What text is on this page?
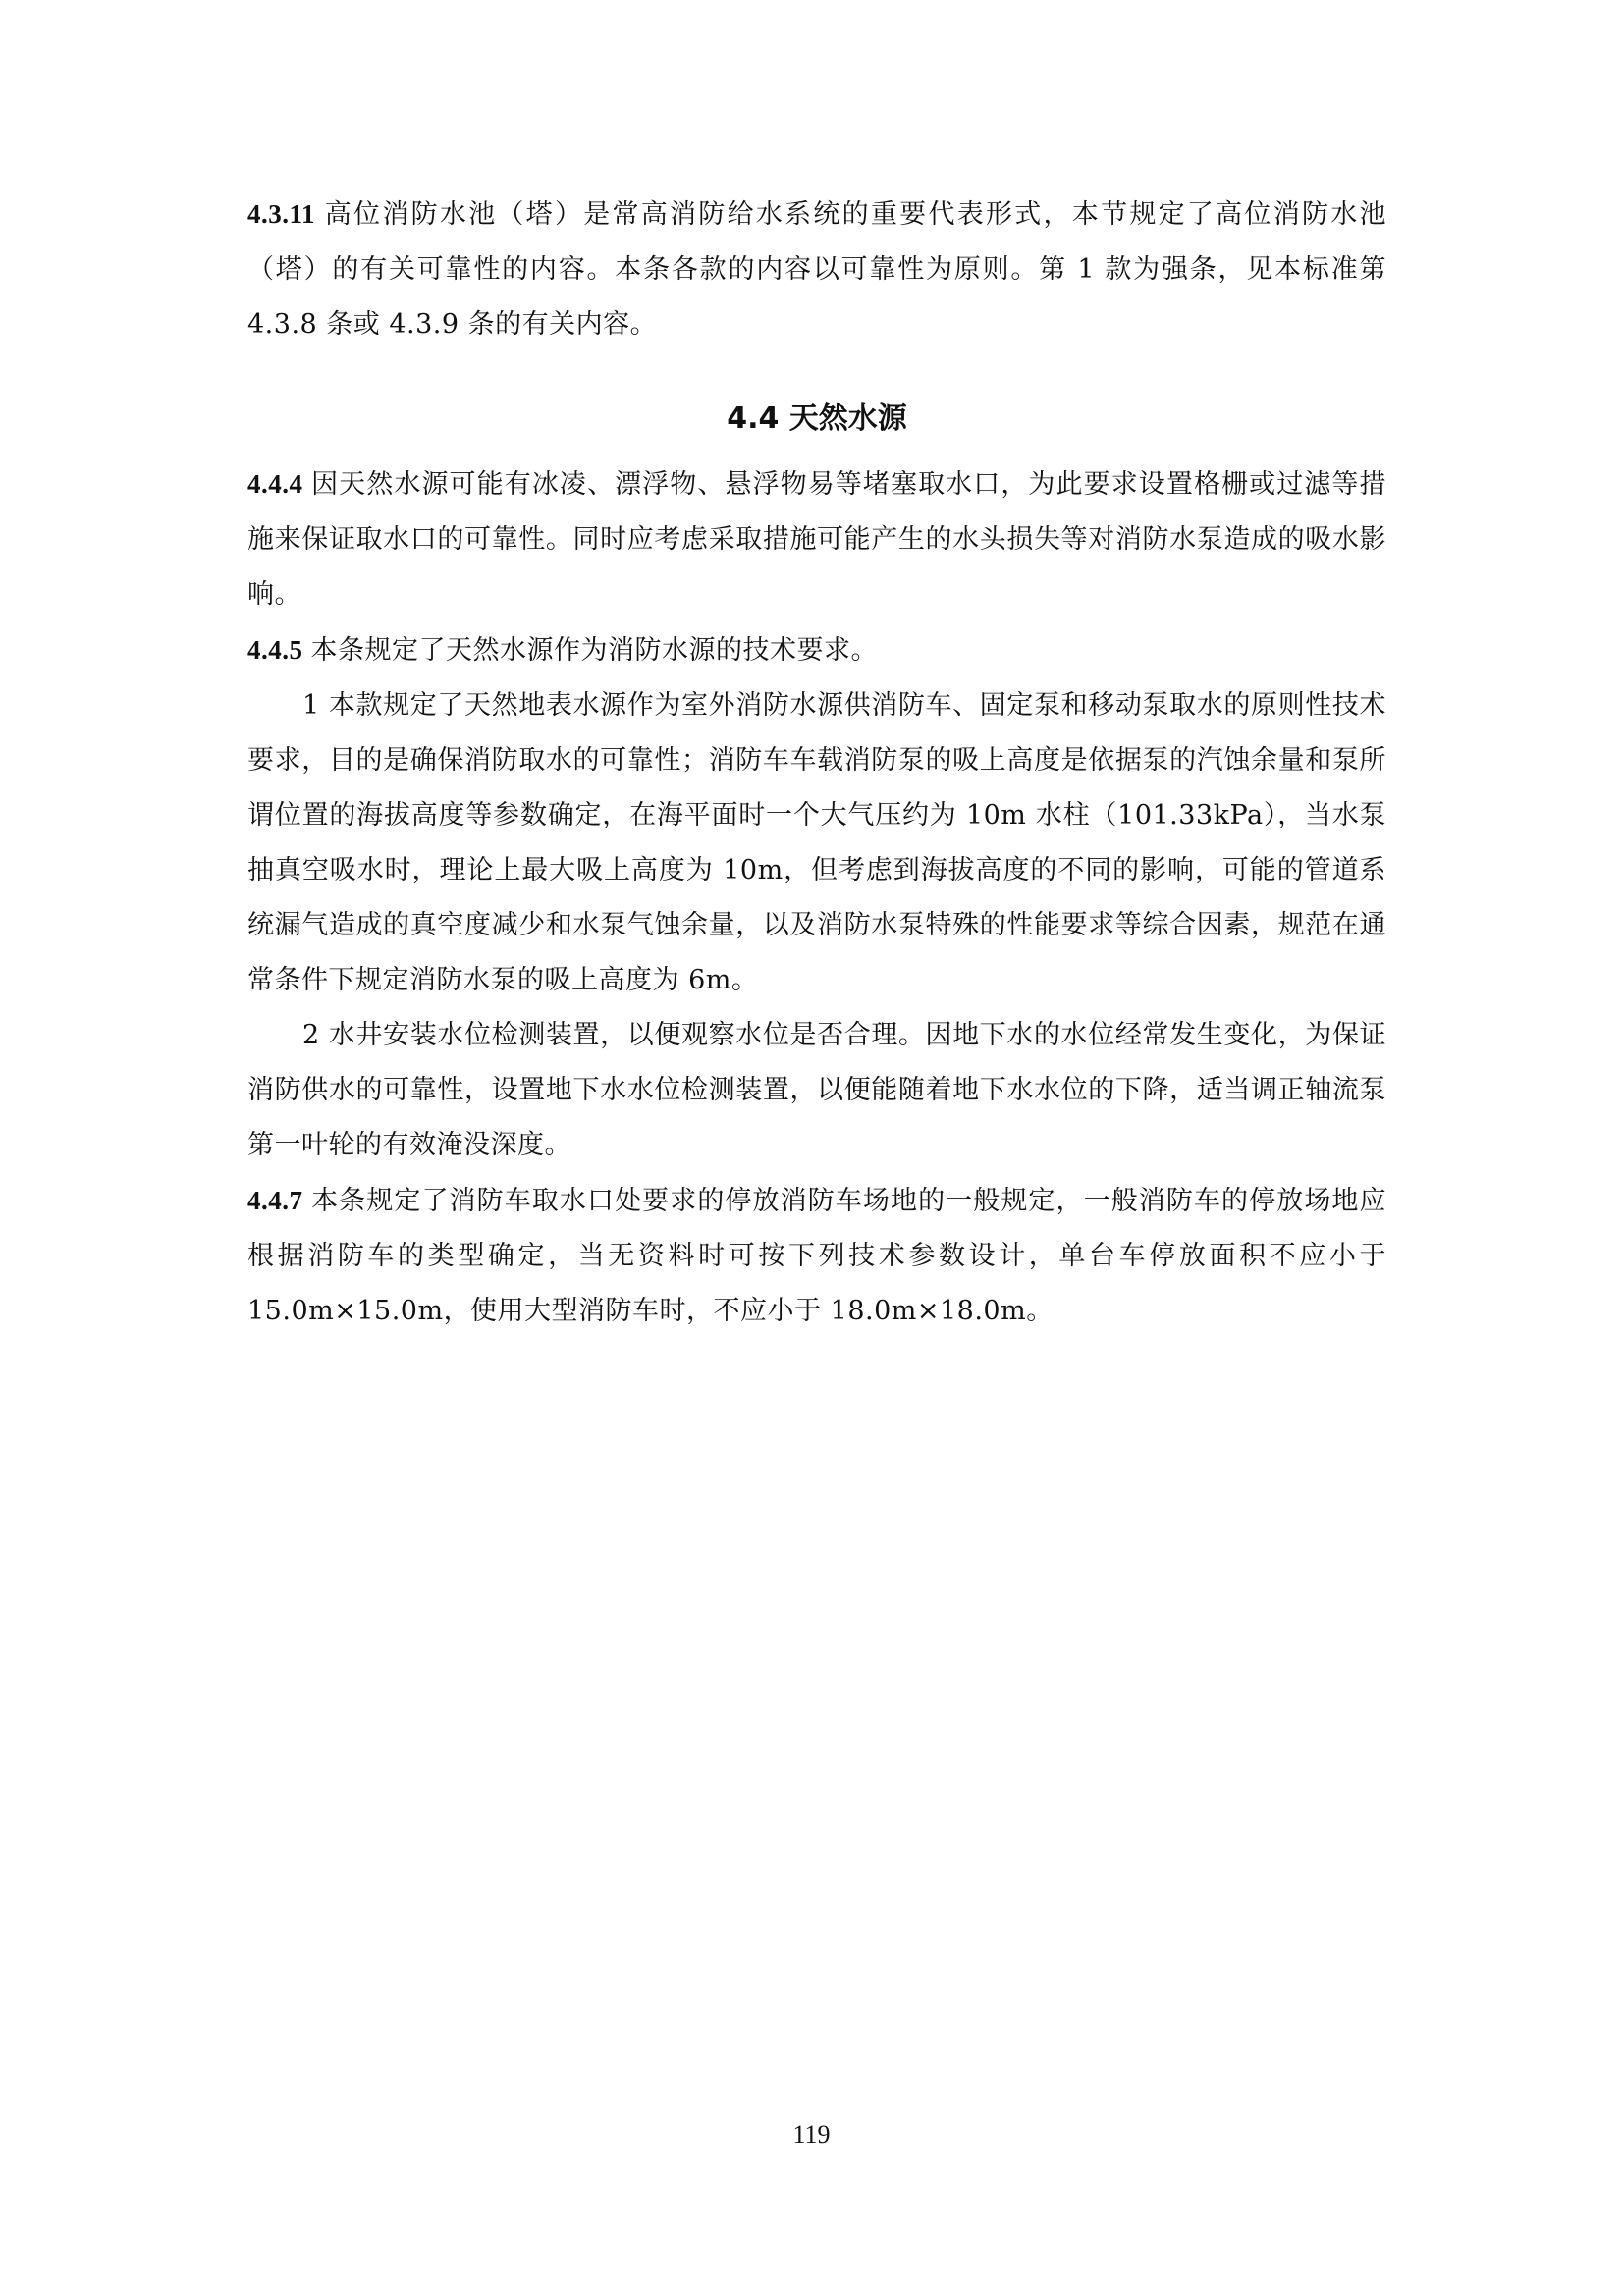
4.3.11 高位消防水池（塔）是常高消防给水系统的重要代表形式，本节规定了高位消防水池（塔）的有关可靠性的内容。本条各款的内容以可靠性为原则。第 1 款为强条，见本标准第 4.3.8 条或 4.3.9 条的有关内容。

4.4 天然水源

4.4.4 因天然水源可能有冰凌、漂浮物、悬浮物易等堵塞取水口，为此要求设置格栅或过滤等措施来保证取水口的可靠性。同时应考虑采取措施可能产生的水头损失等对消防水泵造成的吸水影响。

4.4.5 本条规定了天然水源作为消防水源的技术要求。

1 本款规定了天然地表水源作为室外消防水源供消防车、固定泵和移动泵取水的原则性技术要求，目的是确保消防取水的可靠性；消防车车载消防泵的吸上高度是依据泵的汽蚀余量和泵所谓位置的海拔高度等参数确定，在海平面时一个大气压约为 10m 水柱（101.33kPa），当水泵抽真空吸水时，理论上最大吸上高度为 10m，但考虑到海拔高度的不同的影响，可能的管道系统漏气造成的真空度减少和水泵气蚀余量，以及消防水泵特殊的性能要求等综合因素，规范在通常条件下规定消防水泵的吸上高度为 6m。

2 水井安装水位检测装置，以便观察水位是否合理。因地下水的水位经常发生变化，为保证消防供水的可靠性，设置地下水水位检测装置，以便能随着地下水水位的下降，适当调正轴流泵第一叶轮的有效淹没深度。

4.4.7 本条规定了消防车取水口处要求的停放消防车场地的一般规定，一般消防车的停放场地应根据消防车的类型确定，当无资料时可按下列技术参数设计，单台车停放面积不应小于 15.0m×15.0m，使用大型消防车时，不应小于 18.0m×18.0m。

119
